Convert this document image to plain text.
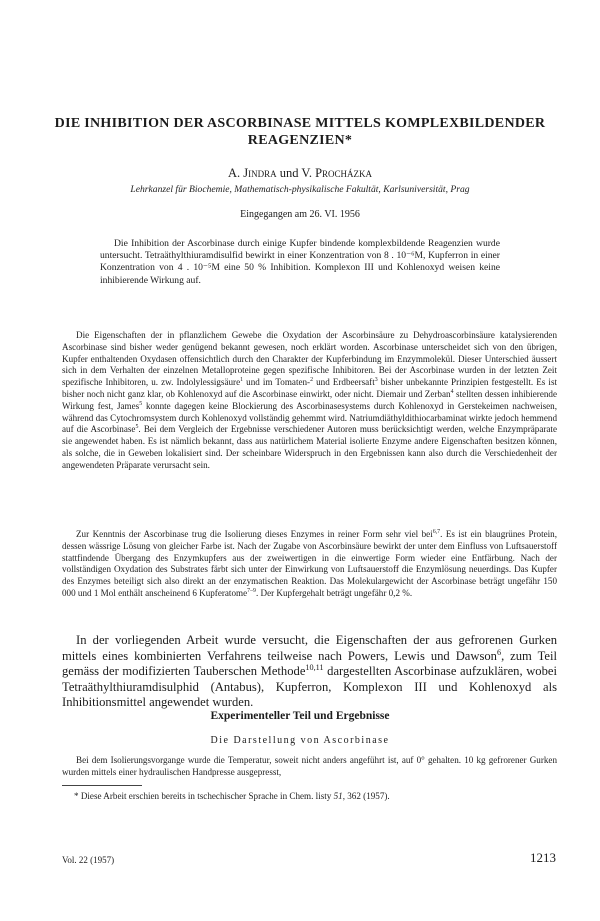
DIE INHIBITION DER ASCORBINASE MITTELS KOMPLEXBILDENDER REAGENZIEN*
A. Jindra und V. Procházka
Lehrkanzel für Biochemie, Mathematisch-physikalische Fakultät, Karlsuniversität, Prag
Eingegangen am 26. VI. 1956

Die Inhibition der Ascorbinase durch einige Kupfer bindende komplexbildende Reagenzien wurde untersucht. Tetraäthylthiuramdisulfid bewirkt in einer Konzentration von 8 . 10⁻⁶M, Kupferron in einer Konzentration von 4 . 10⁻⁵M eine 50 % Inhibition. Komplexon III und Kohlenoxyd weisen keine inhibierende Wirkung auf.

Die Eigenschaften der in pflanzlichem Gewebe die Oxydation der Ascorbinsäure zu Dehydroascorbinsäure katalysierenden Ascorbinase sind bisher weder genügend bekannt gewesen, noch erklärt worden. Ascorbinase unterscheidet sich von den übrigen, Kupfer enthaltenden Oxydasen offensichtlich durch den Charakter der Kupferbindung im Enzymmolekül. Dieser Unterschied äussert sich in dem Verhalten der einzelnen Metalloproteine gegen spezifische Inhibitoren. Bei der Ascorbinase wurden in der letzten Zeit spezifische Inhibitoren, u. zw. Indolylessigsäure$^1$ und im Tomaten-$^2$ und Erdbeersaft$^3$ bisher unbekannte Prinzipien festgestellt. Es ist bisher noch nicht ganz klar, ob Kohlenoxyd auf die Ascorbinase einwirkt, oder nicht. Diemair und Zerban$^4$ stellten dessen inhibierende Wirkung fest, James$^5$ konnte dagegen keine Blockierung des Ascorbinasesystems durch Kohlenoxyd in Gerstekeimen nachweisen, während das Cytochromsystem durch Kohlenoxyd vollständig gehemmt wird. Natriumdiäthyldithiocarbaminat wirkte jedoch hemmend auf die Ascorbinase$^5$. Bei dem Vergleich der Ergebnisse verschiedener Autoren muss berücksichtigt werden, welche Enzympräparate sie angewendet haben. Es ist nämlich bekannt, dass aus natürlichem Material isolierte Enzyme andere Eigenschaften besitzen können, als solche, die in Geweben lokalisiert sind. Der scheinbare Widerspruch in den Ergebnissen kann also durch die Verschiedenheit der angewendeten Präparate verursacht sein.

Zur Kenntnis der Ascorbinase trug die Isolierung dieses Enzymes in reiner Form sehr viel bei$^{6,7}$. Es ist ein blaugrünes Protein, dessen wässrige Lösung von gleicher Farbe ist. Nach der Zugabe von Ascorbinsäure bewirkt der unter dem Einfluss von Luftsauerstoff stattfindende Übergang des Enzymkupfers aus der zweiwertigen in die einwertige Form wieder eine Entfärbung. Nach der vollständigen Oxydation des Substrates färbt sich unter der Einwirkung von Luftsauerstoff die Enzymlösung neuerdings. Das Kupfer des Enzymes beteiligt sich also direkt an der enzymatischen Reaktion. Das Molekulargewicht der Ascorbinase beträgt ungefähr 150 000 und 1 Mol enthält anscheinend 6 Kupferatome$^{7-9}$. Der Kupfergehalt beträgt ungefähr 0,2 %.

In der vorliegenden Arbeit wurde versucht, die Eigenschaften der aus gefrorenen Gurken mittels eines kombinierten Verfahrens teilweise nach Powers, Lewis und Dawson$^6$, zum Teil gemäss der modifizierten Tauberschen Methode$^{10,11}$ dargestellten Ascorbinase aufzuklären, wobei Tetraäthylthiuramdisulphid (Antabus), Kupferron, Komplexon III und Kohlenoxyd als Inhibitionsmittel angewendet wurden.

Experimenteller Teil und Ergebnisse
Die Darstellung von Ascorbinase

Bei dem Isolierungsvorgange wurde die Temperatur, soweit nicht anders angeführt ist, auf 0° gehalten. 10 kg gefrorener Gurken wurden mittels einer hydraulischen Handpresse ausgepresst,

* Diese Arbeit erschien bereits in tschechischer Sprache in Chem. listy 51, 362 (1957).
Vol. 22 (1957)	1213
